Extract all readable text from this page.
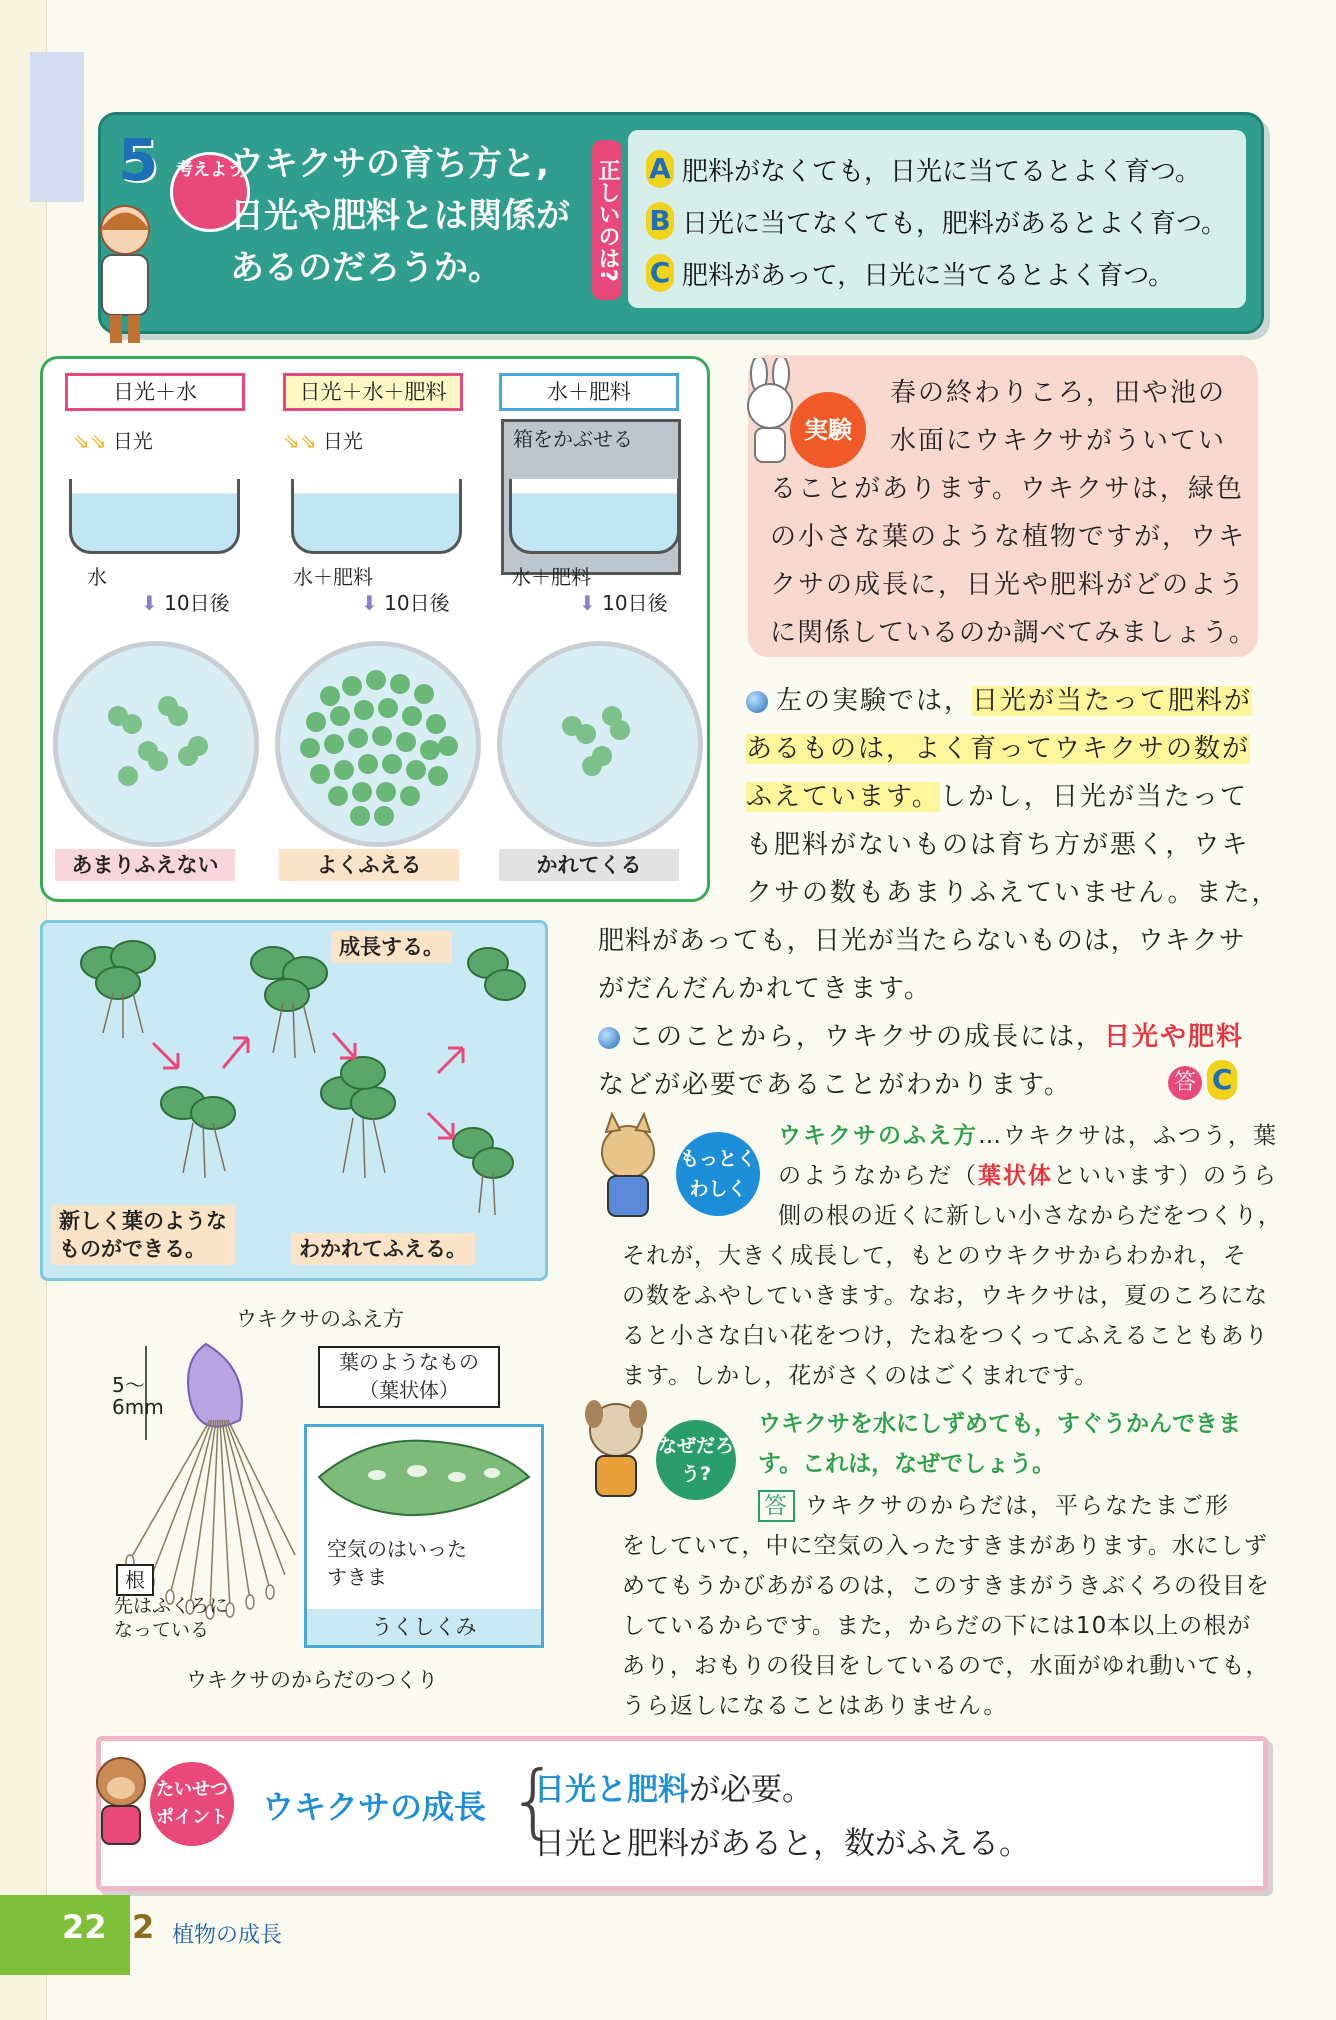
5	考えよう
ウキクサの育ち方と,
日光や肥料とは関係が
あるのだろうか。	正しいのは? A 肥料がなくても，日光に当てるとよく育つ。
B 日光に当てなくても，肥料があるとよく育つ。
C 肥料があって，日光に当てるとよく育つ。
日光＋水
⇘⇘ 日光
水
⬇ 10日後
あまりふえない
日光＋水＋肥料
⇘⇘ 日光
水＋肥料
⬇ 10日後
よくふえる
水＋肥料
箱をかぶせる
水＋肥料
⬇ 10日後
かれてくる
成長する。
新しく葉のような
ものができる。	わかれてふえる。
ウキクサのふえ方
5〜
6mm
葉のようなもの
（葉状体）
根
先はふくろに
なっている
空気のはいった
すきま
うくしくみ
ウキクサのからだのつくり
実験
春の終わりころ，田や池の
水面にウキクサがういてい
ることがあります。ウキクサは，緑色
の小さな葉のような植物ですが，ウキ
クサの成長に，日光や肥料がどのよう
に関係しているのか調べてみましょう。
左の実験では，日光が当たって肥料が
あるものは，よく育ってウキクサの数が
ふえています。しかし，日光が当たって
も肥料がないものは育ち方が悪く，ウキ
クサの数もあまりふえていません。また，
肥料があっても，日光が当たらないものは，ウキクサ
がだんだんかれてきます。
このことから，ウキクサの成長には，日光や肥料
などが必要であることがわかります。	答 C
もっとくわしく
ウキクサのふえ方…ウキクサは，ふつう，葉
のようなからだ（葉状体といいます）のうら
側の根の近くに新しい小さなからだをつくり，
それが，大きく成長して，もとのウキクサからわかれ，そ
の数をふやしていきます。なお，ウキクサは，夏のころにな
ると小さな白い花をつけ，たねをつくってふえることもあり
ます。しかし，花がさくのはごくまれです。
なぜだろう?
ウキクサを水にしずめても，すぐうかんできま
す。これは，なぜでしょう。
答 ウキクサのからだは，平らなたまご形
をしていて，中に空気の入ったすきまがあります。水にしず
めてもうかびあがるのは，このすきまがうきぶくろの役目を
しているからです。また，からだの下には10本以上の根が
あり，おもりの役目をしているので，水面がゆれ動いても，
うら返しになることはありません。
たいせつポイント ウキクサの成長 {
日光と肥料が必要。
日光と肥料があると，数がふえる。
22 2 植物の成長
